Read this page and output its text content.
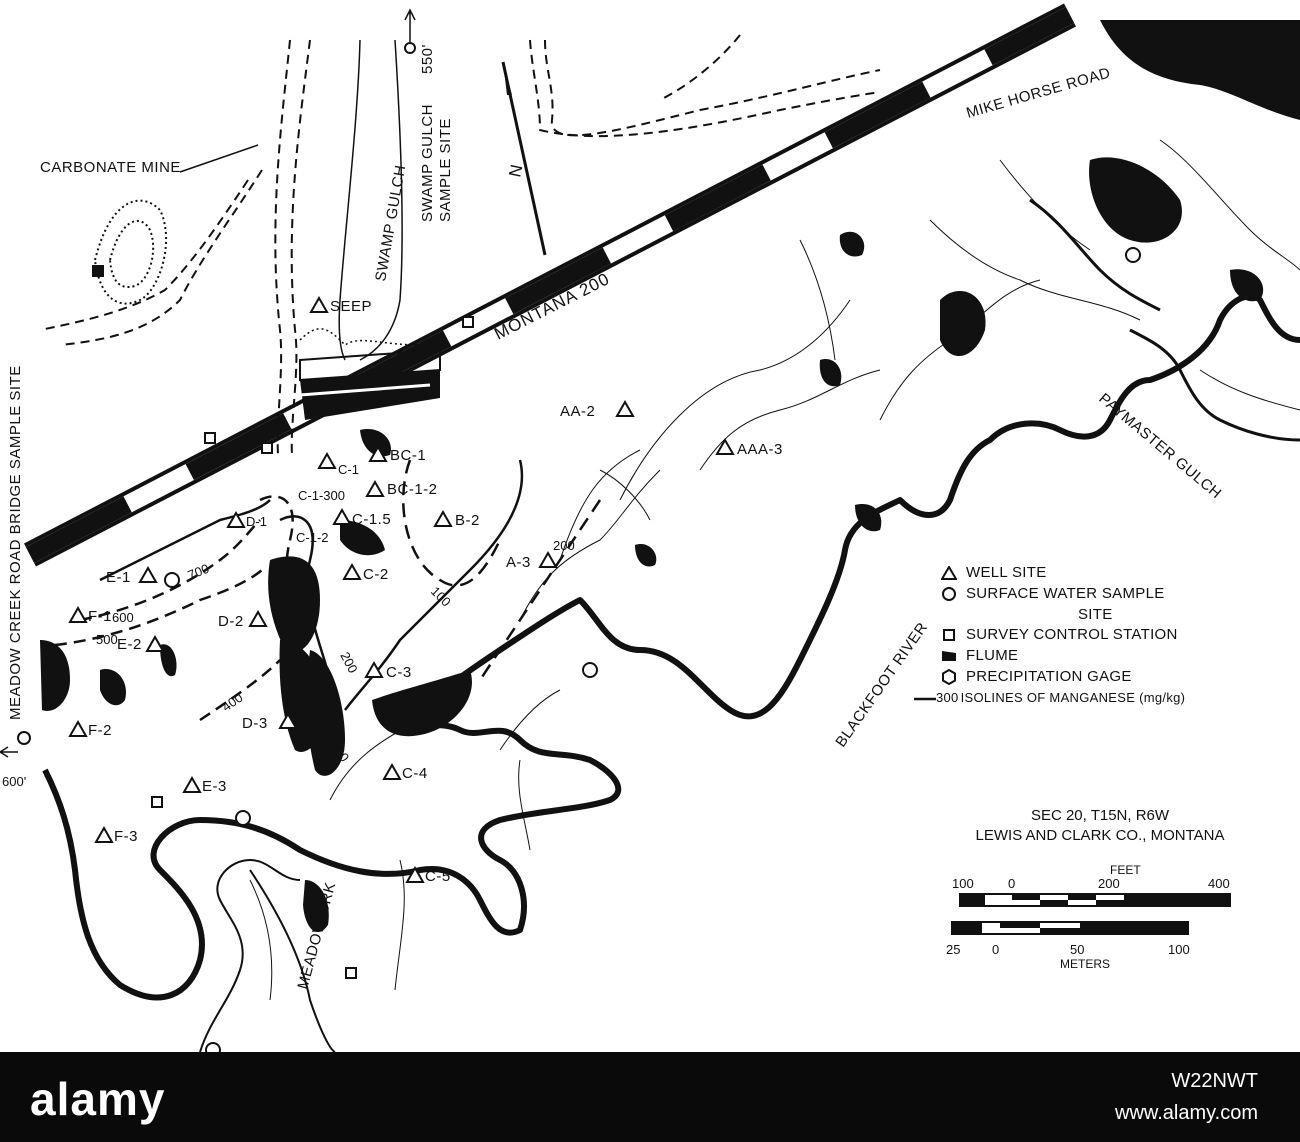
N
AA-2
AAA-3
BC-1
BC-1-2
C-1
C-1-300
C-1-2
C-1.5	B-2
D-1
E-1
F-1	D-2
C-2
A-3
E-2
C-3
D-3
F-2
C-4
E-3
F-3
C-5
SEEP
700
600
500
400
300
200
100
200
CARBONATE MINE	SWAMP GULCH
SWAMP GULCH SAMPLE SITE
550'
MIKE HORSE ROAD
MONTANA 200
MEADOW CREEK ROAD BRIDGE SAMPLE SITE
600'
BLACKFOOT RIVER
PAYMASTER GULCH
MEADOW CRK
WELL SITE
SURFACE WATER SAMPLE
SITE
SURVEY CONTROL STATION
FLUME
PRECIPITATION GAGE
300 ISOLINES OF MANGANESE (mg/kg)
SEC 20, T15N, R6W
LEWIS AND CLARK CO., MONTANA
FEET
100	0	200	400
25 0	50	100
METERS
alamy	W22NWT
www.alamy.com
